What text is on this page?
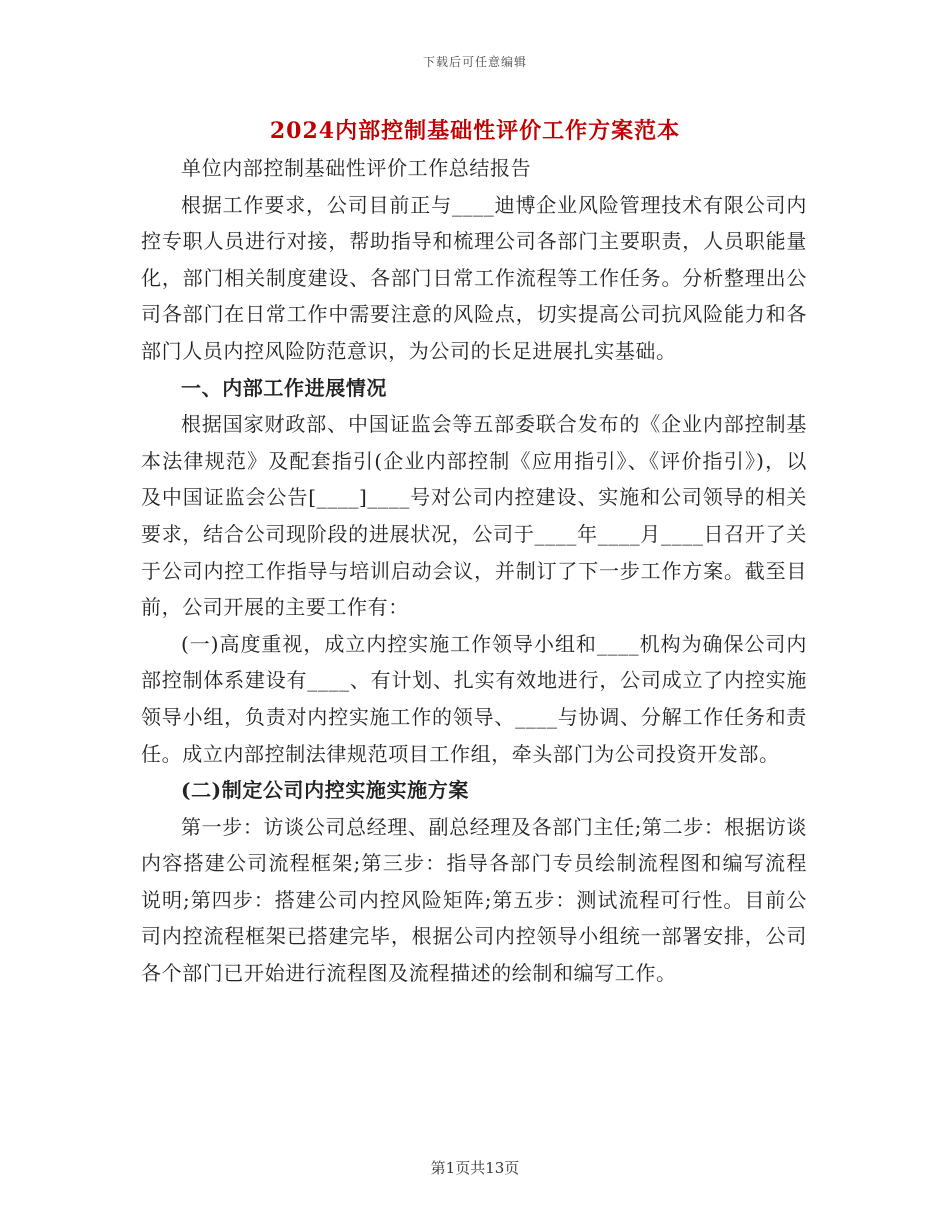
下载后可任意编辑
2024内部控制基础性评价工作方案范本

单位内部控制基础性评价工作总结报告

根据工作要求，公司目前正与____迪博企业风险管理技术有限公司内控专职人员进行对接，帮助指导和梳理公司各部门主要职责，人员职能量化，部门相关制度建设、各部门日常工作流程等工作任务。分析整理出公司各部门在日常工作中需要注意的风险点，切实提高公司抗风险能力和各部门人员内控风险防范意识，为公司的长足进展扎实基础。

一、内部工作进展情况

根据国家财政部、中国证监会等五部委联合发布的《企业内部控制基本法律规范》及配套指引(企业内部控制《应用指引》、《评价指引》)，以及中国证监会公告[____]____号对公司内控建设、实施和公司领导的相关要求，结合公司现阶段的进展状况，公司于____年____月____日召开了关于公司内控工作指导与培训启动会议，并制订了下一步工作方案。截至目前，公司开展的主要工作有：

(一)高度重视，成立内控实施工作领导小组和____机构为确保公司内部控制体系建设有____、有计划、扎实有效地进行，公司成立了内控实施领导小组，负责对内控实施工作的领导、____与协调、分解工作任务和责任。成立内部控制法律规范项目工作组，牵头部门为公司投资开发部。

(二)制定公司内控实施实施方案

第一步：访谈公司总经理、副总经理及各部门主任;第二步：根据访谈内容搭建公司流程框架;第三步：指导各部门专员绘制流程图和编写流程说明;第四步：搭建公司内控风险矩阵;第五步：测试流程可行性。目前公司内控流程框架已搭建完毕，根据公司内控领导小组统一部署安排，公司各个部门已开始进行流程图及流程描述的绘制和编写工作。

第1页共13页
